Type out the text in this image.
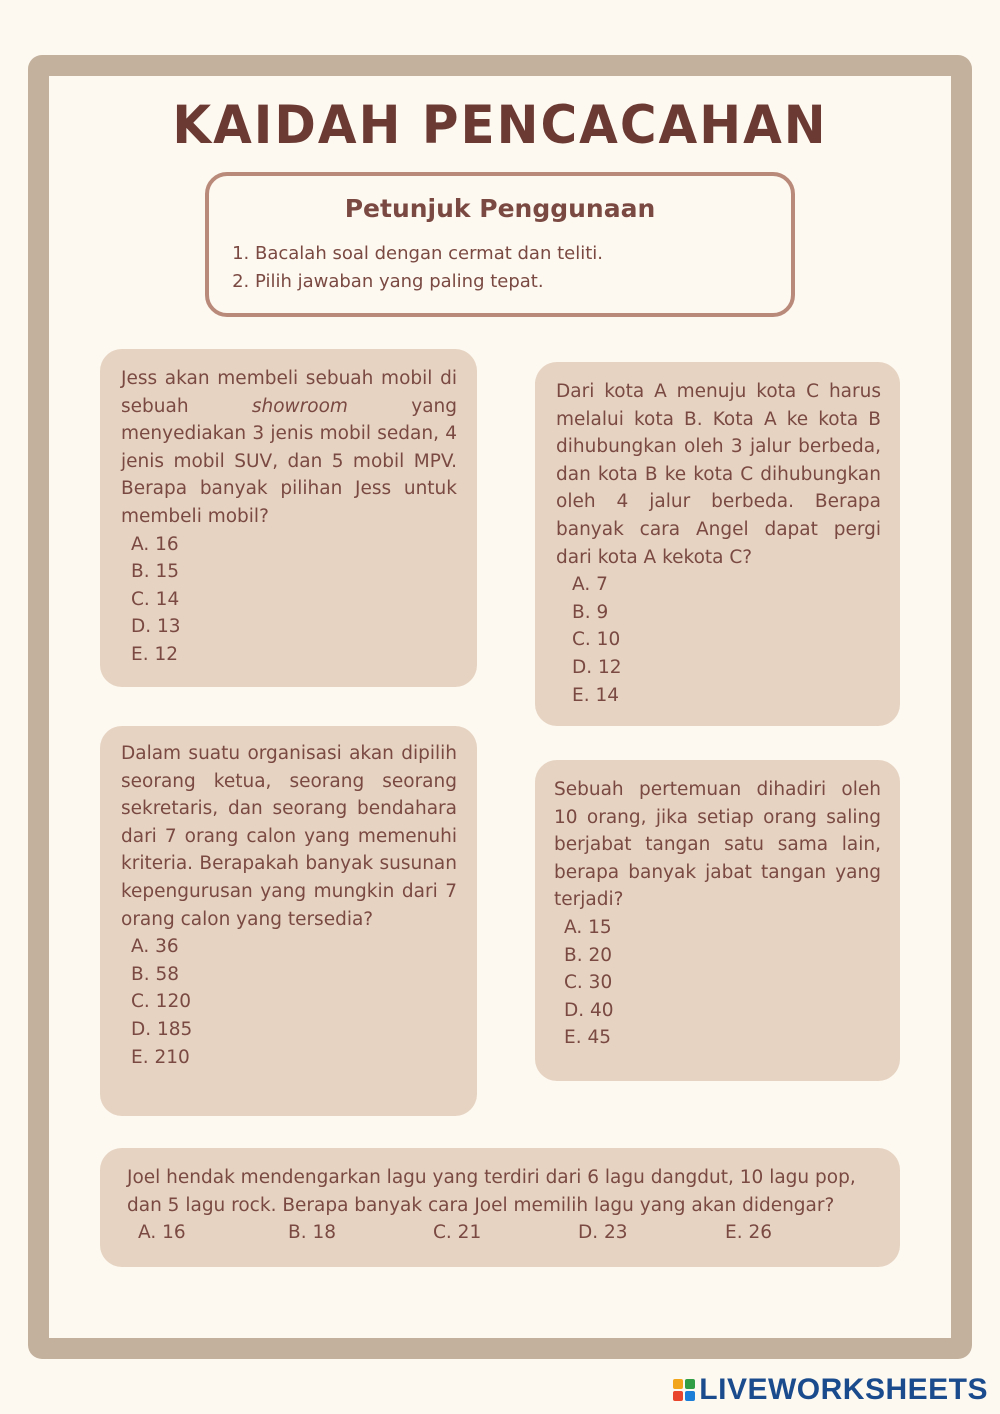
KAIDAH PENCACAHAN
Petunjuk Penggunaan
1. Bacalah soal dengan cermat dan teliti.
2. Pilih jawaban yang paling tepat.

Jess akan membeli sebuah mobil di sebuah showroom yang menyediakan 3 jenis mobil sedan, 4 jenis mobil SUV, dan 5 mobil MPV. Berapa banyak pilihan Jess untuk membeli mobil?

A. 16
B. 15
C. 14
D. 13
E. 12

Dari kota A menuju kota C harus melalui kota B. Kota A ke kota B dihubungkan oleh 3 jalur berbeda, dan kota B ke kota C dihubungkan oleh 4 jalur berbeda. Berapa banyak cara Angel dapat pergi dari kota A kekota C?

A. 7
B. 9
C. 10
D. 12
E. 14

Dalam suatu organisasi akan dipilih seorang ketua, seorang seorang sekretaris, dan seorang bendahara dari 7 orang calon yang memenuhi kriteria. Berapakah banyak susunan kepengurusan yang mungkin dari 7 orang calon yang tersedia?

A. 36
B. 58
C. 120
D. 185
E. 210

Sebuah pertemuan dihadiri oleh 10 orang, jika setiap orang saling berjabat tangan satu sama lain, berapa banyak jabat tangan yang terjadi?

A. 15
B. 20
C. 30
D. 40
E. 45

Joel hendak mendengarkan lagu yang terdiri dari 6 lagu dangdut, 10 lagu pop, dan 5 lagu rock. Berapa banyak cara Joel memilih lagu yang akan didengar?

A. 16	B. 18	C. 21	D. 23	E. 26
LIVEWORKSHEETS
